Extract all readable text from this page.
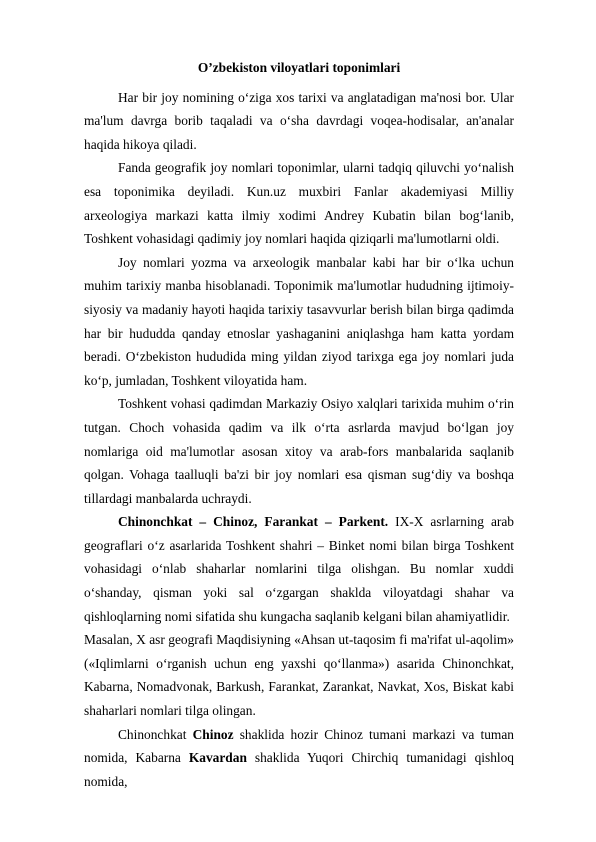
O’zbekiston viloyatlari toponimlari

Har bir joy nomining oʻziga xos tarixi va anglatadigan ma'nosi bor. Ular ma'lum davrga borib taqaladi va oʻsha davrdagi voqea-hodisalar, an'analar haqida hikoya qiladi.

Fanda geografik joy nomlari toponimlar, ularni tadqiq qiluvchi yoʻnalish esa toponimika deyiladi. Kun.uz muxbiri Fanlar akademiyasi Milliy arxeologiya markazi katta ilmiy xodimi Andrey Kubatin bilan bogʻlanib, Toshkent vohasidagi qadimiy joy nomlari haqida qiziqarli ma'lumotlarni oldi.

Joy nomlari yozma va arxeologik manbalar kabi har bir oʻlka uchun muhim tarixiy manba hisoblanadi. Toponimik ma'lumotlar hududning ijtimoiy-siyosiy va madaniy hayoti haqida tarixiy tasavvurlar berish bilan birga qadimda har bir hududda qanday etnoslar yashaganini aniqlashga ham katta yordam beradi. Oʻzbekiston hududida ming yildan ziyod tarixga ega joy nomlari juda koʻp, jumladan, Toshkent viloyatida ham.

Toshkent vohasi qadimdan Markaziy Osiyo xalqlari tarixida muhim oʻrin tutgan. Choch vohasida qadim va ilk oʻrta asrlarda mavjud boʻlgan joy nomlariga oid ma'lumotlar asosan xitoy va arab-fors manbalarida saqlanib qolgan. Vohaga taalluqli ba'zi bir joy nomlari esa qisman sugʻdiy va boshqa tillardagi manbalarda uchraydi.

Chinonchkat – Chinoz, Farankat – Parkent. IX-X asrlarning arab geograflari oʻz asarlarida Toshkent shahri – Binket nomi bilan birga Toshkent vohasidagi oʻnlab shaharlar nomlarini tilga olishgan. Bu nomlar xuddi oʻshanday, qisman yoki sal oʻzgargan shaklda viloyatdagi shahar va qishloqlarning nomi sifatida shu kungacha saqlanib kelgani bilan ahamiyatlidir.

Masalan, X asr geografi Maqdisiyning «Ahsan ut-taqosim fi ma'rifat ul-aqolim» («Iqlimlarni oʻrganish uchun eng yaxshi qoʻllanma») asarida Chinonchkat, Kabarna, Nomadvonak, Barkush, Farankat, Zarankat, Navkat, Xos, Biskat kabi shaharlari nomlari tilga olingan.

Chinonchkat Chinoz shaklida hozir Chinoz tumani markazi va tuman nomida, Kabarna Kavardan shaklida Yuqori Chirchiq tumanidagi qishloq nomida,
